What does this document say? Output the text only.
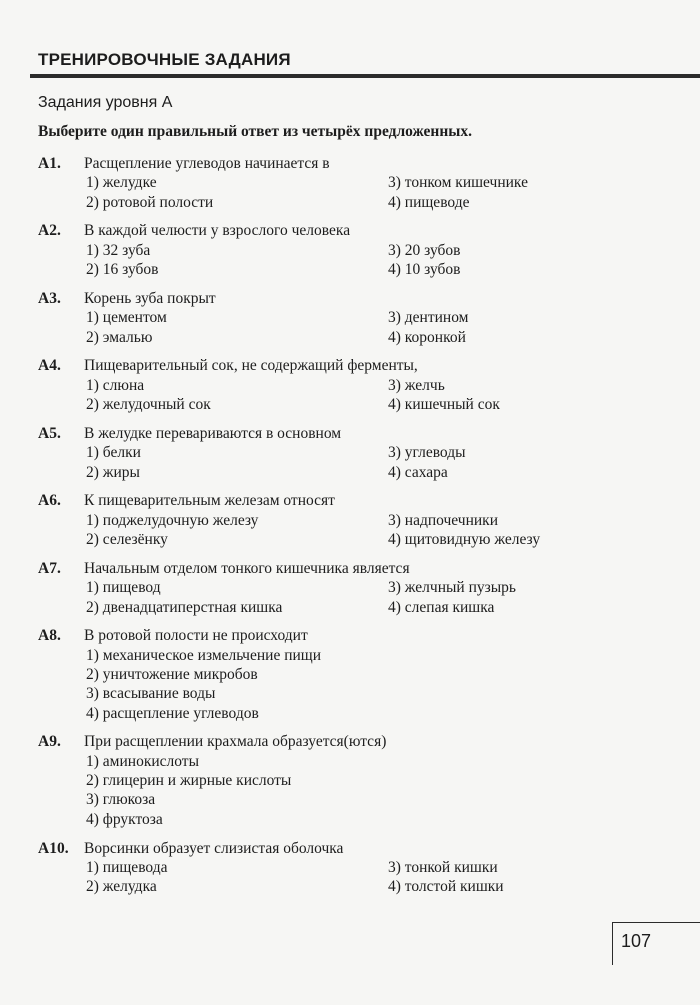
ТРЕНИРОВОЧНЫЕ ЗАДАНИЯ
Задания уровня А
Выберите один правильный ответ из четырёх предложенных.
А1. Расщепление углеводов начинается в
1) желудке	3) тонком кишечнике
2) ротовой полости	4) пищеводе
А2. В каждой челюсти у взрослого человека
1) 32 зуба	3) 20 зубов
2) 16 зубов	4) 10 зубов
А3. Корень зуба покрыт
1) цементом	3) дентином
2) эмалью	4) коронкой
А4. Пищеварительный сок, не содержащий ферменты,
1) слюна	3) желчь
2) желудочный сок	4) кишечный сок
А5. В желудке перевариваются в основном
1) белки	3) углеводы
2) жиры	4) сахара
А6. К пищеварительным железам относят
1) поджелудочную железу	3) надпочечники
2) селезёнку	4) щитовидную железу
А7. Начальным отделом тонкого кишечника является
1) пищевод	3) желчный пузырь
2) двенадцатиперстная кишка	4) слепая кишка
А8. В ротовой полости не происходит
1) механическое измельчение пищи
2) уничтожение микробов
3) всасывание воды
4) расщепление углеводов
А9. При расщеплении крахмала образуется(ются)
1) аминокислоты
2) глицерин и жирные кислоты
3) глюкоза
4) фруктоза
А10. Ворсинки образует слизистая оболочка
1) пищевода	3) тонкой кишки
2) желудка	4) толстой кишки
107
